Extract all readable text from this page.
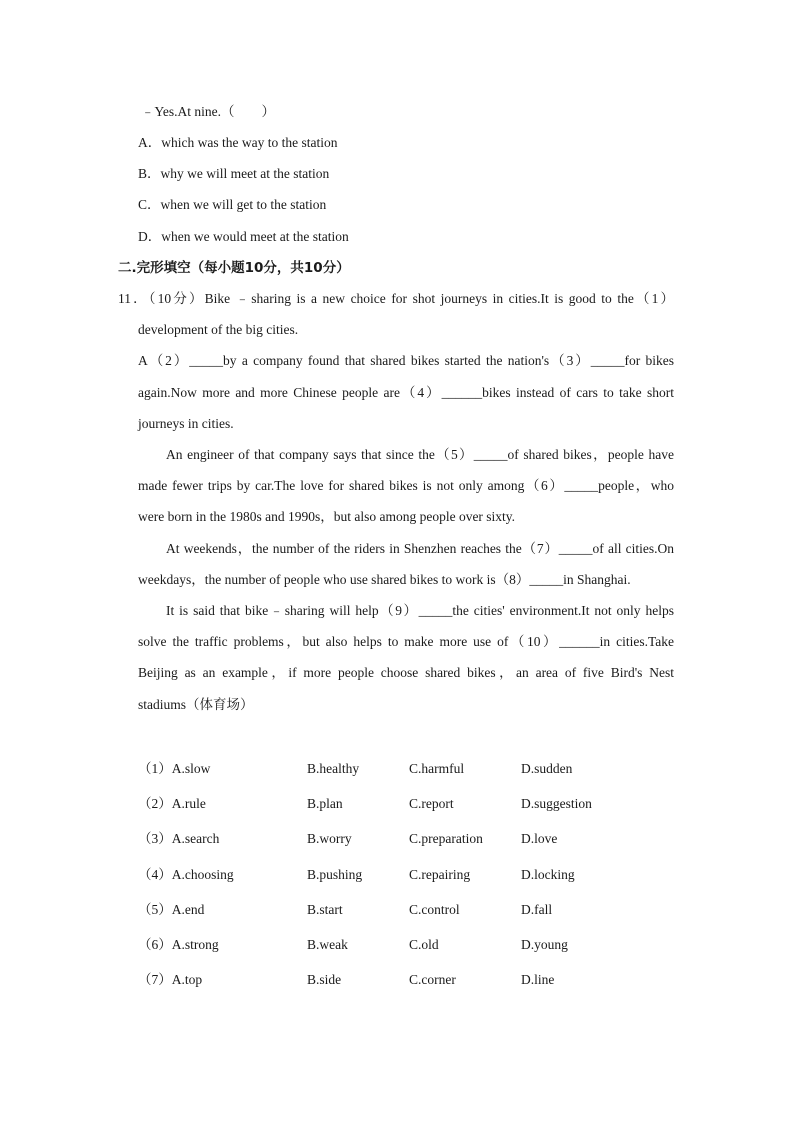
﹣Yes.At nine.（　　）
A．which was the way to the station
B．why we will meet at the station
C．when we will get to the station
D．when we would meet at the station
二.完形填空（每小题10分，共10分）
11．（10分）Bike ﹣sharing is a new choice for shot journeys in cities.It is good to the（1）
development of the big cities.
A（2）_____by a company found that shared bikes started the nation's（3）_____for bikes
again.Now more and more Chinese people are（4）______bikes instead of cars to take short
journeys in cities.
An engineer of that company says that since the（5）_____of shared bikes，people have
made fewer trips by car.The love for shared bikes is not only among（6）_____people，who
were born in the 1980s and 1990s，but also among people over sixty.
At weekends，the number of the riders in Shenzhen reaches the（7）_____of all cities.On
weekdays，the number of people who use shared bikes to work is（8）_____in Shanghai.
It is said that bike﹣sharing will help（9）_____the cities' environment.It not only helps
solve the traffic problems，but also helps to make more use of（10）______in cities.Take
Beijing as an example，if more people choose shared bikes，an area of five Bird's Nest
stadiums（体育场）
（1）A.slow	B.healthy	C.harmful	D.sudden
（2）A.rule	B.plan	C.report	D.suggestion
（3）A.search	B.worry	C.preparation	D.love
（4）A.choosing	B.pushing	C.repairing	D.locking
（5）A.end	B.start	C.control	D.fall
（6）A.strong	B.weak	C.old	D.young
（7）A.top	B.side	C.corner	D.line
